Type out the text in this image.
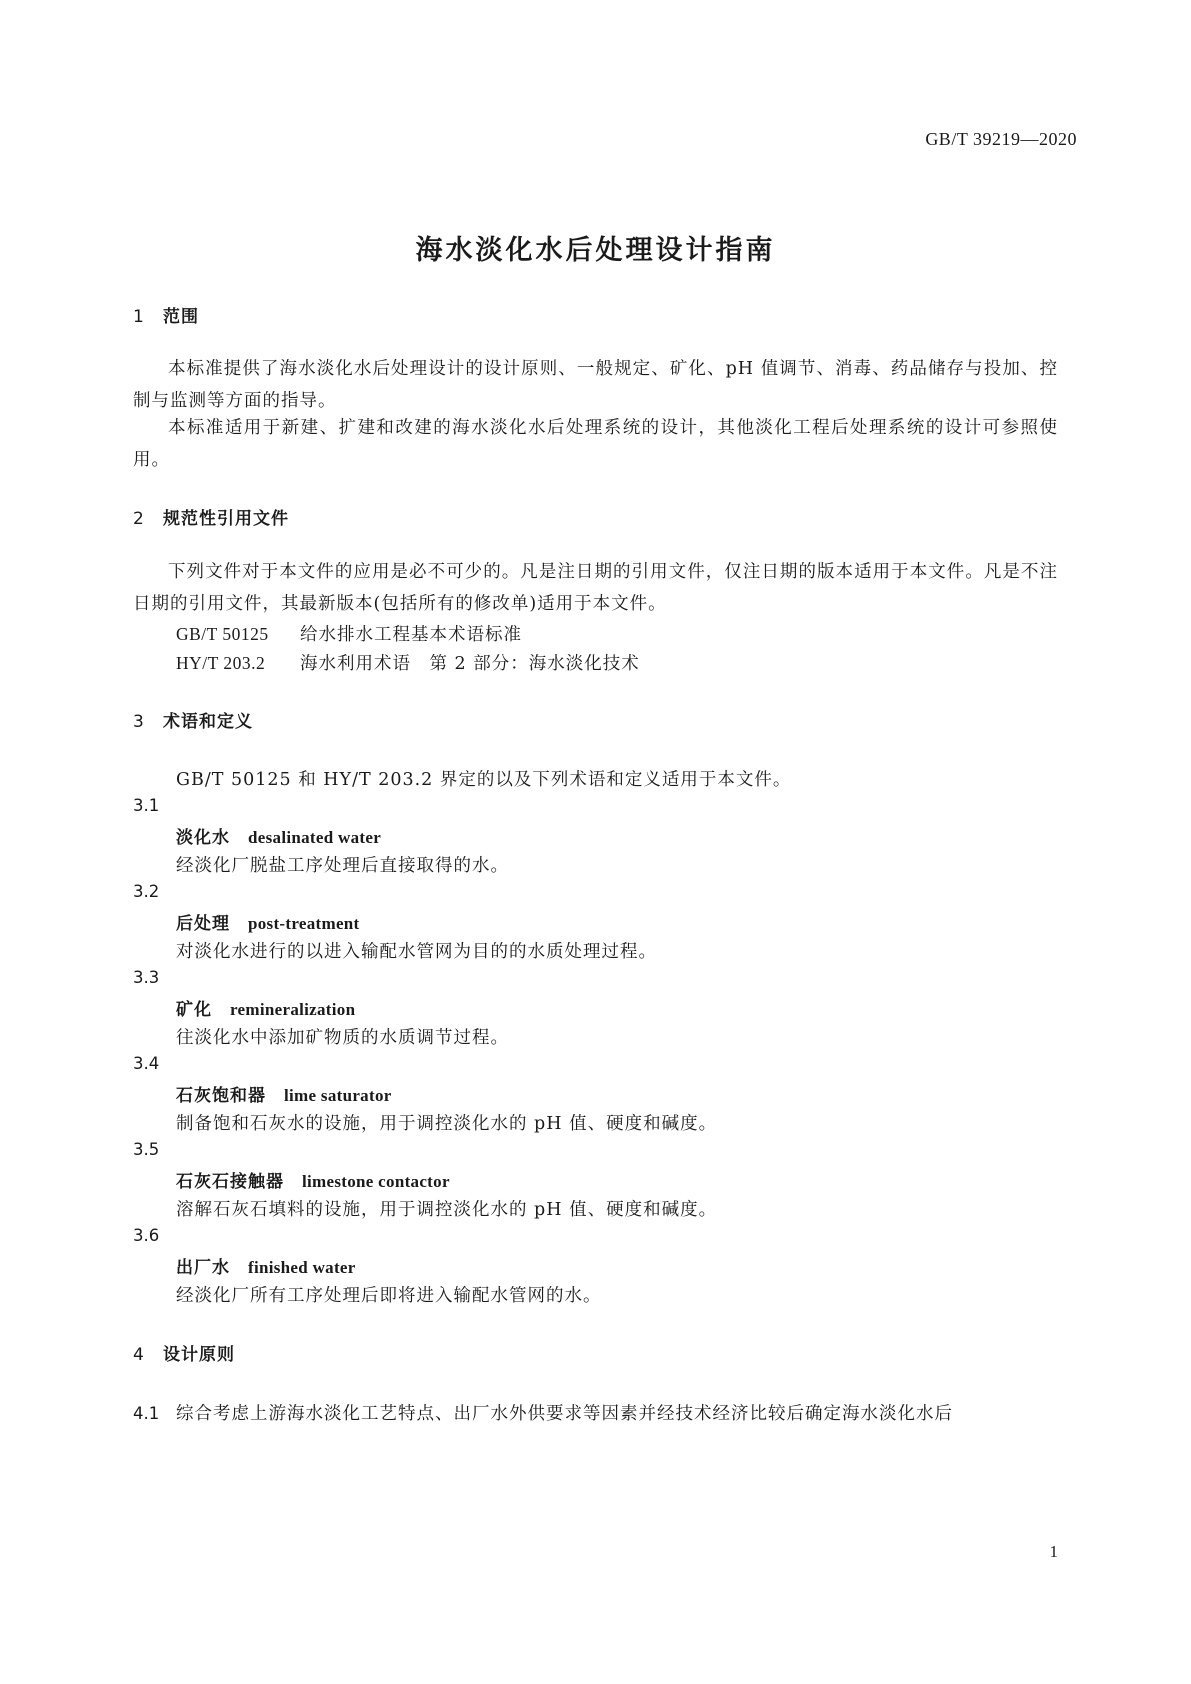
GB/T 39219—2020
海水淡化水后处理设计指南
1 范围
本标准提供了海水淡化水后处理设计的设计原则、一般规定、矿化、pH 值调节、消毒、药品储存与投加、控制与监测等方面的指导。
本标准适用于新建、扩建和改建的海水淡化水后处理系统的设计，其他淡化工程后处理系统的设计可参照使用。
2 规范性引用文件
下列文件对于本文件的应用是必不可少的。凡是注日期的引用文件，仅注日期的版本适用于本文件。凡是不注日期的引用文件，其最新版本(包括所有的修改单)适用于本文件。
GB/T 50125 给水排水工程基本术语标准
HY/T 203.2 海水利用术语　第 2 部分：海水淡化技术
3 术语和定义
GB/T 50125 和 HY/T 203.2 界定的以及下列术语和定义适用于本文件。
3.1
淡化水 desalinated water
经淡化厂脱盐工序处理后直接取得的水。
3.2
后处理 post-treatment
对淡化水进行的以进入输配水管网为目的的水质处理过程。
3.3
矿化 remineralization
往淡化水中添加矿物质的水质调节过程。
3.4
石灰饱和器 lime saturator
制备饱和石灰水的设施，用于调控淡化水的 pH 值、硬度和碱度。
3.5
石灰石接触器 limestone contactor
溶解石灰石填料的设施，用于调控淡化水的 pH 值、硬度和碱度。
3.6
出厂水 finished water
经淡化厂所有工序处理后即将进入输配水管网的水。
4 设计原则
4.1 综合考虑上游海水淡化工艺特点、出厂水外供要求等因素并经技术经济比较后确定海水淡化水后
1
